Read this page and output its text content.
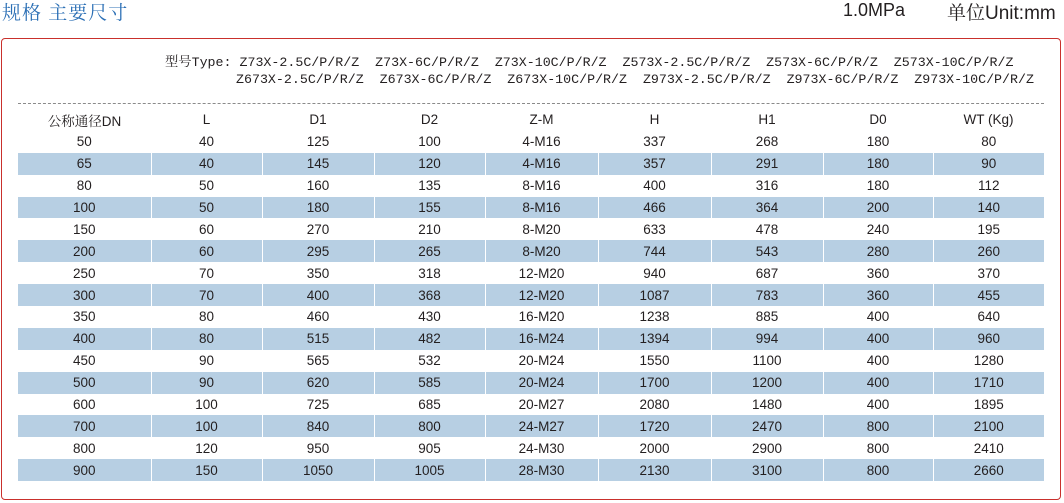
规格 主要尺寸	1.0MPa 单位Unit:mm
型号Type: Z73X-2.5C/P/R/Z  Z73X-6C/P/R/Z  Z73X-10C/P/R/Z  Z573X-2.5C/P/R/Z  Z573X-6C/P/R/Z  Z573X-10C/P/R/Z
Z673X-2.5C/P/R/Z  Z673X-6C/P/R/Z  Z673X-10C/P/R/Z  Z973X-2.5C/P/R/Z  Z973X-6C/P/R/Z  Z973X-10C/P/R/Z
公称通径DN	L	D1	D2	Z-M	H	H1	D0	WT (Kg)
50	40	125	100	4-M16	337	268	180	80
65	40	145	120	4-M16	357	291	180	90
80	50	160	135	8-M16	400	316	180	112
100	50	180	155	8-M16	466	364	200	140
150	60	270	210	8-M20	633	478	240	195
200	60	295	265	8-M20	744	543	280	260
250	70	350	318	12-M20	940	687	360	370
300	70	400	368	12-M20	1087	783	360	455
350	80	460	430	16-M20	1238	885	400	640
400	80	515	482	16-M24	1394	994	400	960
450	90	565	532	20-M24	1550	1100	400	1280
500	90	620	585	20-M24	1700	1200	400	1710
600	100	725	685	20-M27	2080	1480	400	1895
700	100	840	800	24-M27	1720	2470	800	2100
800	120	950	905	24-M30	2000	2900	800	2410
900	150	1050	1005	28-M30	2130	3100	800	2660
